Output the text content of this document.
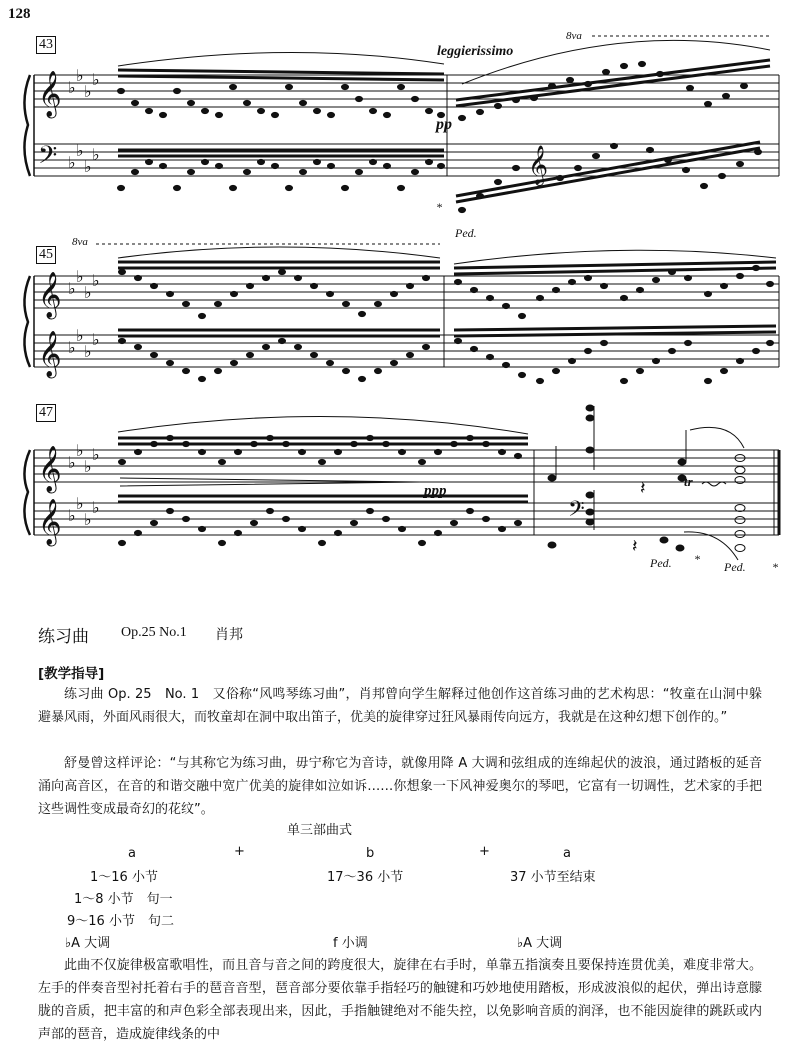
128
𝄞
𝄢
♭
♭
♭
♭
♭
♭
♭
♭	𝄞
43	leggierissimo
8va
pp
Ped.
*
𝄞
𝄞
♭
♭
♭
♭
♭
♭
♭
♭
45
8va
𝄞
𝄞
♭
♭
♭
♭
♭
♭
♭
♭
𝄽
𝄽
𝄢
47
ppp
tr
Ped. *
Ped. *
练习曲 Op.25 No.1 肖邦
[教学指导]
练习曲 Op. 25　No. 1　又俗称“风鸣琴练习曲”，肖邦曾向学生解释过他创作这首练习曲的艺术构思：“牧童在山洞中躲避暴风雨，外面风雨很大，而牧童却在洞中取出笛子，优美的旋律穿过狂风暴雨传向远方，我就是在这种幻想下创作的。”
舒曼曾这样评论：“与其称它为练习曲，毋宁称它为音诗，就像用降 A 大调和弦组成的连绵起伏的波浪，通过踏板的延音涌向高音区，在音的和谐交融中宽广优美的旋律如泣如诉……你想象一下风神爱奥尔的琴吧，它富有一切调性，艺术家的手把这些调性变成最奇幻的花纹”。
单三部曲式
a	+	b	+	a
1～16 小节	17～36 小节	37 小节至结束
1～8 小节　句一
9～16 小节　句二
♭A 大调	f 小调	♭A 大调
此曲不仅旋律极富歌唱性，而且音与音之间的跨度很大，旋律在右手时，单靠五指演奏且要保持连贯优美，难度非常大。左手的伴奏音型衬托着右手的琶音音型，琶音部分要依靠手指轻巧的触键和巧妙地使用踏板，形成波浪似的起伏，弹出诗意朦胧的音质，把丰富的和声色彩全部表现出来，因此，手指触键绝对不能失控，以免影响音质的润泽，也不能因旋律的跳跃或内声部的琶音，造成旋律线条的中
